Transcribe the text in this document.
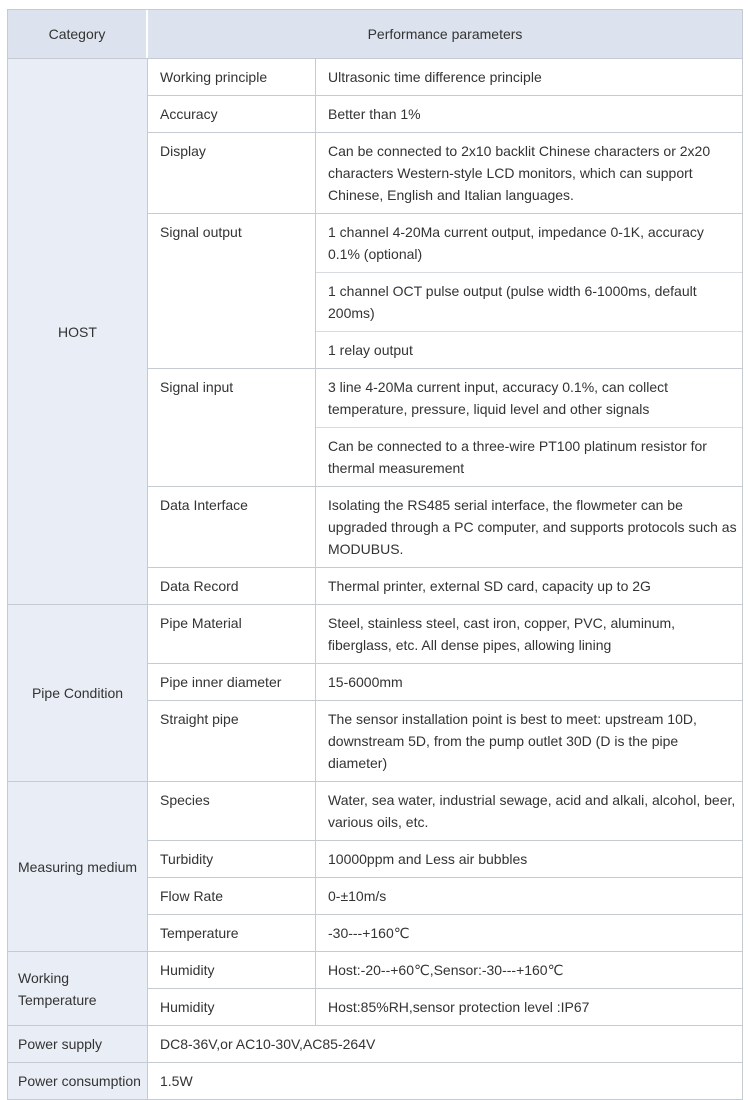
Category	Performance parameters
HOST
Working principle	Ultrasonic time difference principle
Accuracy	Better than 1%
Display	Can be connected to 2x10 backlit Chinese characters or 2x20 characters Western-style LCD monitors, which can support Chinese, English and Italian languages.
Signal output	1 channel 4-20Ma current output, impedance 0-1K, accuracy 0.1% (optional)
1 channel OCT pulse output (pulse width 6-1000ms, default 200ms)
1 relay output
Signal input	3 line 4-20Ma current input, accuracy 0.1%, can collect temperature, pressure, liquid level and other signals
Can be connected to a three-wire PT100 platinum resistor for thermal measurement
Data Interface	Isolating the RS485 serial interface, the flowmeter can be upgraded through a PC computer, and supports protocols such as MODUBUS.
Data Record	Thermal printer, external SD card, capacity up to 2G
Pipe Condition
Pipe Material	Steel, stainless steel, cast iron, copper, PVC, aluminum, fiberglass, etc. All dense pipes, allowing lining
Pipe inner diameter	15-6000mm
Straight pipe	The sensor installation point is best to meet: upstream 10D, downstream 5D, from the pump outlet 30D (D is the pipe diameter)
Measuring medium
Species	Water, sea water, industrial sewage, acid and alkali, alcohol, beer, various oils, etc.
Turbidity	10000ppm and Less air bubbles
Flow Rate	0-±10m/s
Temperature	-30---+160℃
Working Temperature
Humidity	Host:-20--+60℃,Sensor:-30---+160℃
Humidity	Host:85%RH,sensor protection level :IP67
Power supply	DC8-36V,or AC10-30V,AC85-264V
Power consumption	1.5W
